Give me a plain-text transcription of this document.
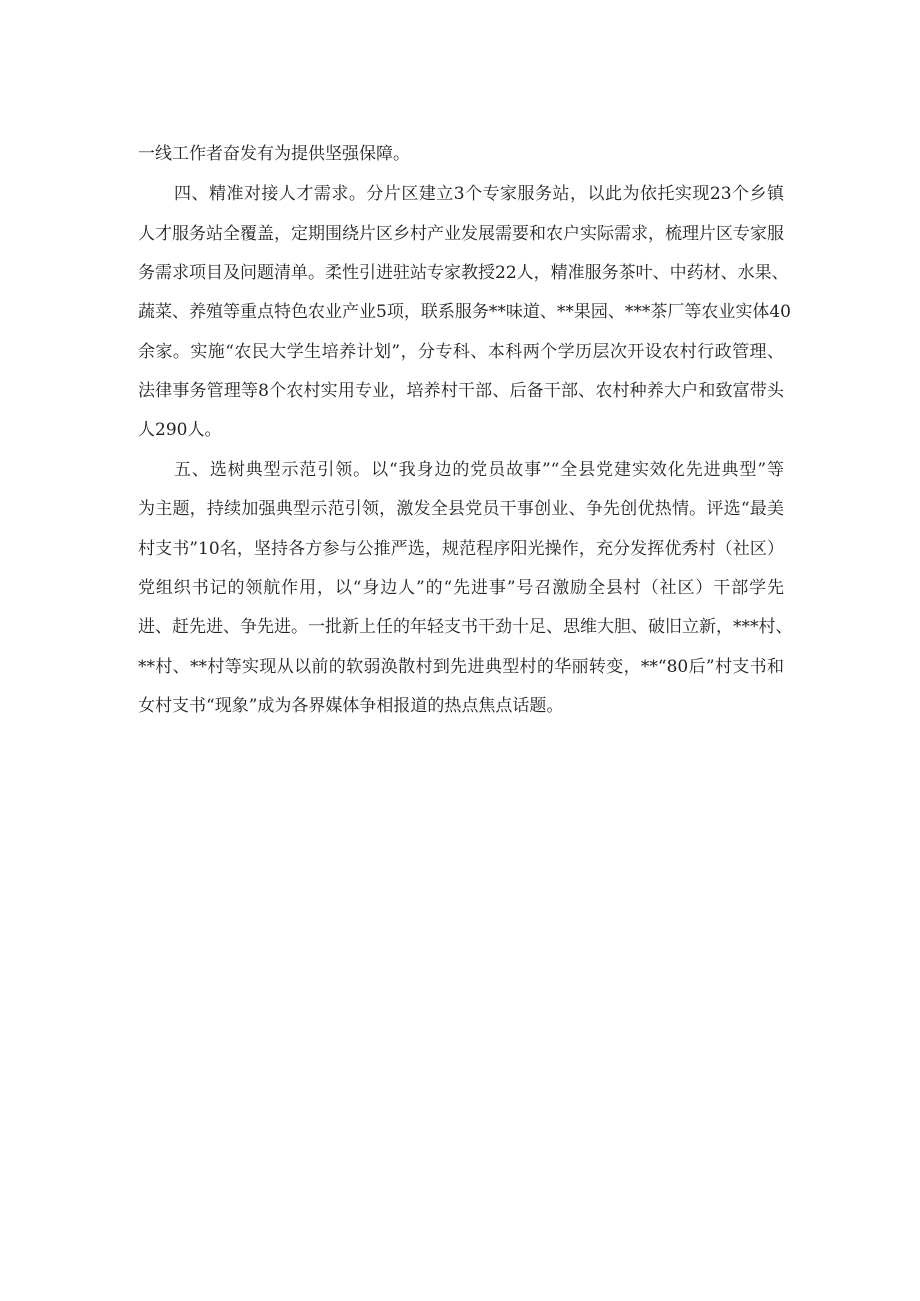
一线工作者奋发有为提供坚强保障。
四、精准对接人才需求。分片区建立3个专家服务站，以此为依托实现23个乡镇
人才服务站全覆盖，定期围绕片区乡村产业发展需要和农户实际需求，梳理片区专家服
务需求项目及问题清单。柔性引进驻站专家教授22人，精准服务茶叶、中药材、水果、
蔬菜、养殖等重点特色农业产业5项，联系服务**味道、**果园、***茶厂等农业实体40
余家。实施“农民大学生培养计划”，分专科、本科两个学历层次开设农村行政管理、
法律事务管理等8个农村实用专业，培养村干部、后备干部、农村种养大户和致富带头
人290人。
五、选树典型示范引领。以“我身边的党员故事”“全县党建实效化先进典型”等
为主题，持续加强典型示范引领，激发全县党员干事创业、争先创优热情。评选“最美
村支书”10名，坚持各方参与公推严选，规范程序阳光操作，充分发挥优秀村（社区）
党组织书记的领航作用，以“身边人”的“先进事”号召激励全县村（社区）干部学先
进、赶先进、争先进。一批新上任的年轻支书干劲十足、思维大胆、破旧立新，***村、
**村、**村等实现从以前的软弱涣散村到先进典型村的华丽转变，**“80后”村支书和
女村支书“现象”成为各界媒体争相报道的热点焦点话题。
